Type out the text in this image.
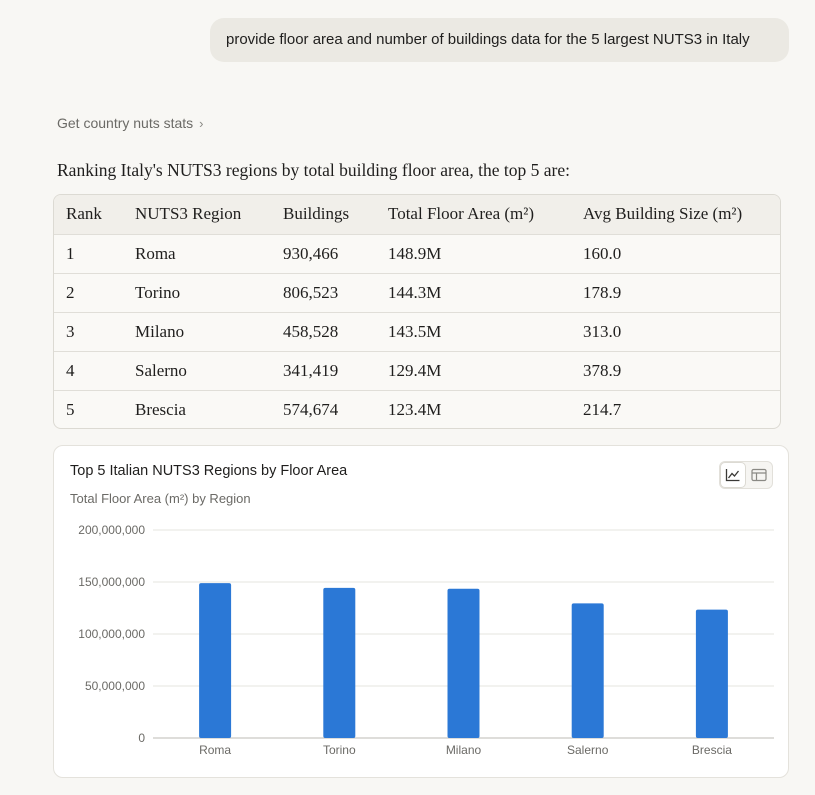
provide floor area and number of buildings data for the 5 largest NUTS3 in Italy
Get country nuts stats ›
Ranking Italy's NUTS3 regions by total building floor area, the top 5 are:
Rank	NUTS3 Region	Buildings	Total Floor Area (m²)	Avg Building Size (m²)
1	Roma	930,466	148.9M	160.0
2	Torino	806,523	144.3M	178.9
3	Milano	458,528	143.5M	313.0
4	Salerno	341,419	129.4M	378.9
5	Brescia	574,674	123.4M	214.7
0
50,000,000
100,000,000
150,000,000
200,000,000
Roma	Torino	Milano	Salerno	Brescia
Top 5 Italian NUTS3 Regions by Floor Area
Total Floor Area (m²) by Region
